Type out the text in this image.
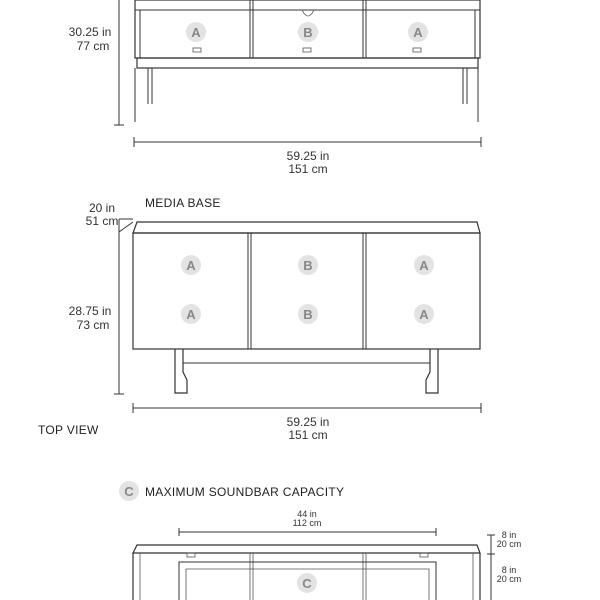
30.25 in
77 cm
A	B	A
59.25 in
151 cm
MEDIA BASE
20 in
51 cm
28.75 in
73 cm
A	B	A
A	B	A
59.25 in
151 cm
TOP VIEW
C MAXIMUM SOUNDBAR CAPACITY
44 in
112 cm
8 in
20 cm
8 in
20 cm
C
